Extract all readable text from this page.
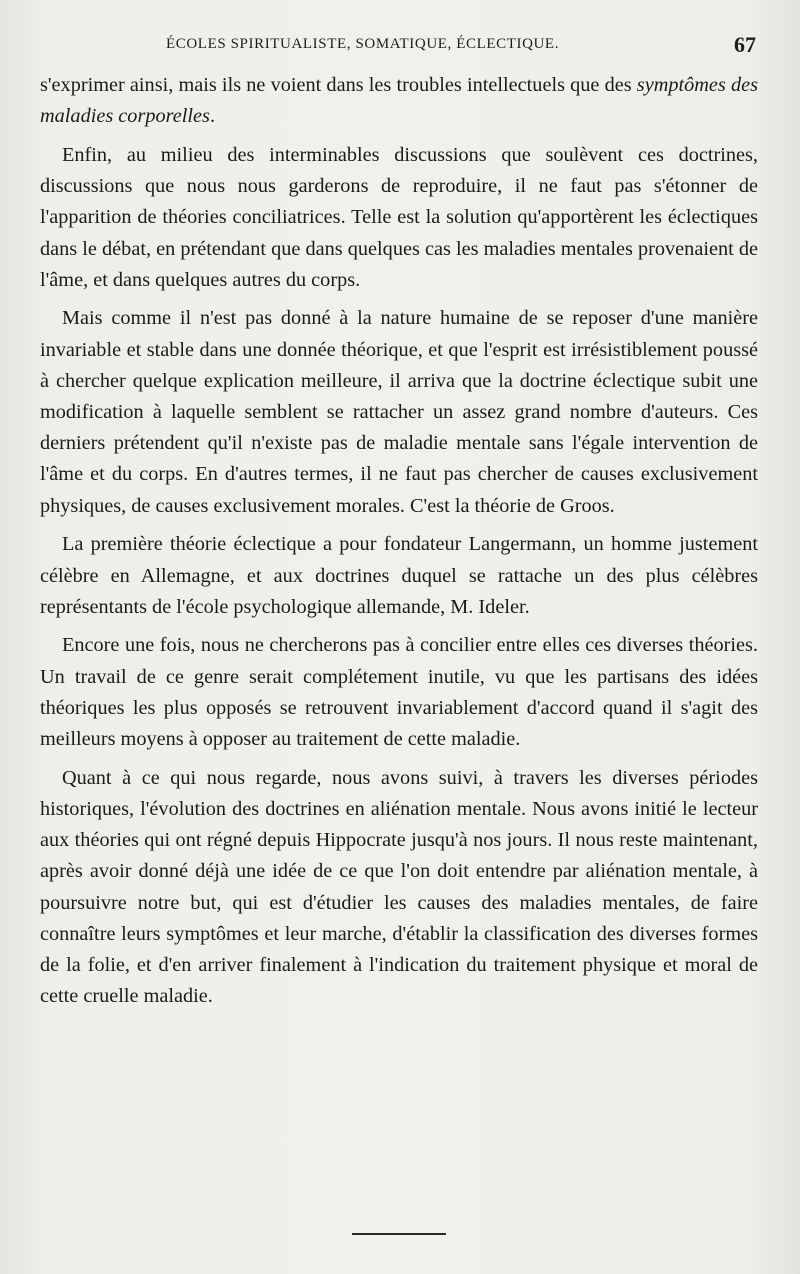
ÉCOLES SPIRITUALISTE, SOMATIQUE, ÉCLECTIQUE.	67

s'exprimer ainsi, mais ils ne voient dans les troubles intellectuels que des symptômes des maladies corporelles.

Enfin, au milieu des interminables discussions que soulèvent ces doctrines, discussions que nous nous garderons de reproduire, il ne faut pas s'étonner de l'apparition de théories conciliatrices. Telle est la solution qu'apportèrent les éclectiques dans le débat, en prétendant que dans quelques cas les maladies mentales provenaient de l'âme, et dans quelques autres du corps.

Mais comme il n'est pas donné à la nature humaine de se reposer d'une manière invariable et stable dans une donnée théorique, et que l'esprit est irrésistiblement poussé à chercher quelque explication meilleure, il arriva que la doctrine éclectique subit une modification à laquelle semblent se rattacher un assez grand nombre d'auteurs. Ces derniers prétendent qu'il n'existe pas de maladie mentale sans l'égale intervention de l'âme et du corps. En d'autres termes, il ne faut pas chercher de causes exclusivement physiques, de causes exclusivement morales. C'est la théorie de Groos.

La première théorie éclectique a pour fondateur Langermann, un homme justement célèbre en Allemagne, et aux doctrines duquel se rattache un des plus célèbres représentants de l'école psychologique allemande, M. Ideler.

Encore une fois, nous ne chercherons pas à concilier entre elles ces diverses théories. Un travail de ce genre serait complétement inutile, vu que les partisans des idées théoriques les plus opposés se retrouvent invariablement d'accord quand il s'agit des meilleurs moyens à opposer au traitement de cette maladie.

Quant à ce qui nous regarde, nous avons suivi, à travers les diverses périodes historiques, l'évolution des doctrines en aliénation mentale. Nous avons initié le lecteur aux théories qui ont régné depuis Hippocrate jusqu'à nos jours. Il nous reste maintenant, après avoir donné déjà une idée de ce que l'on doit entendre par aliénation mentale, à poursuivre notre but, qui est d'étudier les causes des maladies mentales, de faire connaître leurs symptômes et leur marche, d'établir la classification des diverses formes de la folie, et d'en arriver finalement à l'indication du traitement physique et moral de cette cruelle maladie.
